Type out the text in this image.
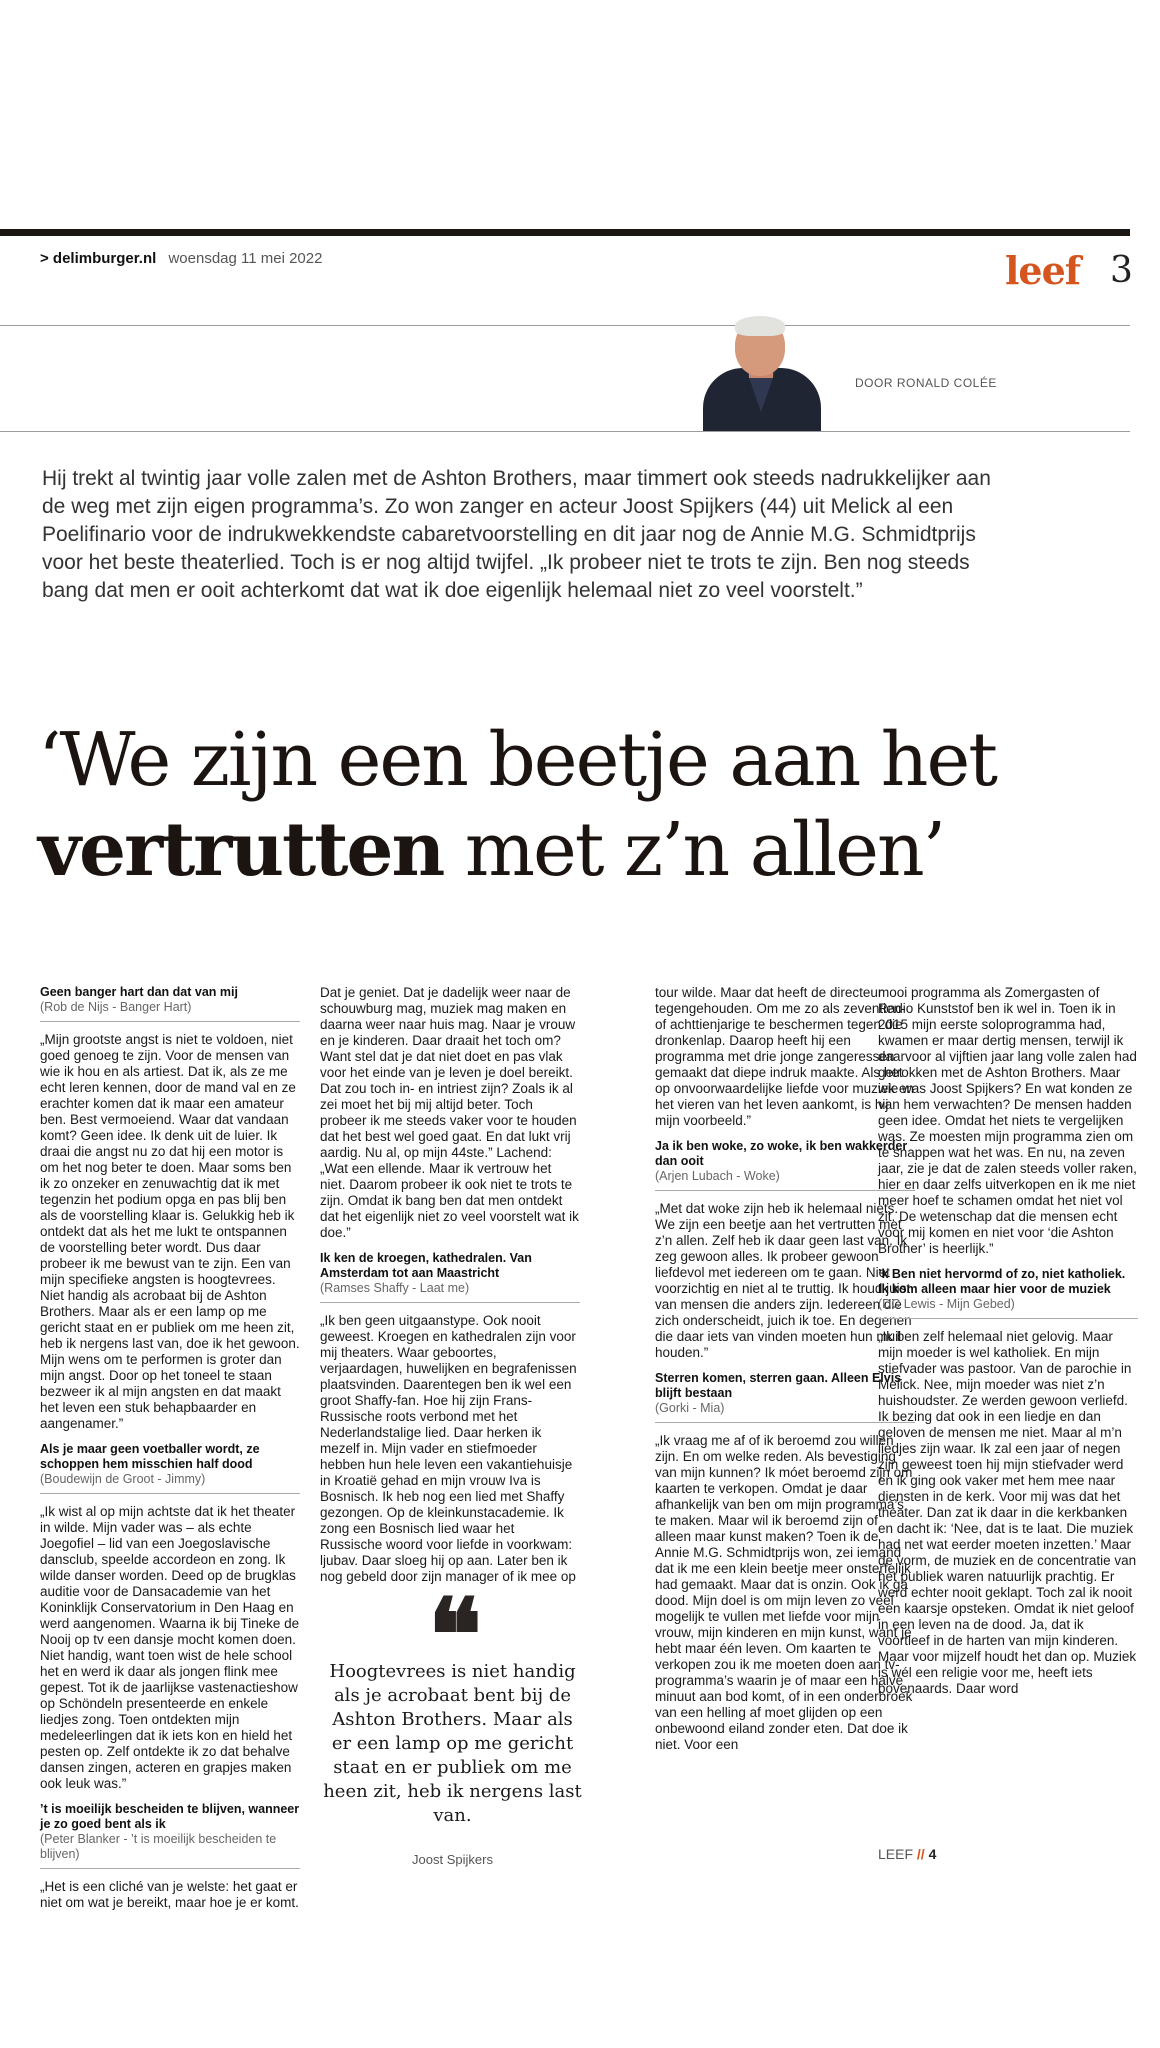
> delimburger.nl woensdag 11 mei 2022	leef 3
DOOR RONALD COLÉE
Hij trekt al twintig jaar volle zalen met de Ashton Brothers, maar timmert ook steeds nadrukkelijker aan de weg met zijn eigen programma’s. Zo won zanger en acteur Joost Spijkers (44) uit Melick al een Poelifinario voor de indrukwekkendste cabaretvoorstelling en dit jaar nog de Annie M.G. Schmidtprijs voor het beste theaterlied. Toch is er nog altijd twijfel. „Ik probeer niet te trots te zijn. Ben nog steeds bang dat men er ooit achterkomt dat wat ik doe eigenlijk helemaal niet zo veel voorstelt.”
‘We zijn een beetje aan het
vertrutten met z’n allen’
Geen banger hart dan dat van mij
(Rob de Nijs - Banger Hart)

„Mijn grootste angst is niet te voldoen, niet goed genoeg te zijn. Voor de mensen van wie ik hou en als artiest. Dat ik, als ze me echt leren kennen, door de mand val en ze erachter komen dat ik maar een amateur ben. Best vermoeiend. Waar dat vandaan komt? Geen idee. Ik denk uit de luier. Ik draai die angst nu zo dat hij een motor is om het nog beter te doen. Maar soms ben ik zo onzeker en zenuwachtig dat ik met tegenzin het podium opga en pas blij ben als de voorstelling klaar is. Gelukkig heb ik ontdekt dat als het me lukt te ontspannen de voorstelling beter wordt. Dus daar probeer ik me bewust van te zijn. Een van mijn specifieke angsten is hoogtevrees. Niet handig als acrobaat bij de Ashton Brothers. Maar als er een lamp op me gericht staat en er publiek om me heen zit, heb ik nergens last van, doe ik het gewoon. Mijn wens om te performen is groter dan mijn angst. Door op het toneel te staan bezweer ik al mijn angsten en dat maakt het leven een stuk behapbaarder en aangenamer.”

Als je maar geen voetballer wordt, ze schoppen hem misschien half dood
(Boudewijn de Groot - Jimmy)

„Ik wist al op mijn achtste dat ik het theater in wilde. Mijn vader was – als echte Joegofiel – lid van een Joegoslavische dansclub, speelde accordeon en zong. Ik wilde danser worden. Deed op de brugklas auditie voor de Dansacademie van het Koninklijk Conservatorium in Den Haag en werd aangenomen. Waarna ik bij Tineke de Nooij op tv een dansje mocht komen doen. Niet handig, want toen wist de hele school het en werd ik daar als jongen flink mee gepest. Tot ik de jaarlijkse vastenactieshow op Schöndeln presenteerde en enkele liedjes zong. Toen ontdekten mijn medeleerlingen dat ik iets kon en hield het pesten op. Zelf ontdekte ik zo dat behalve dansen zingen, acteren en grapjes maken ook leuk was.”

’t is moeilijk bescheiden te blijven, wanneer je zo goed bent als ik
(Peter Blanker - ’t is moeilijk bescheiden te blijven)

„Het is een cliché van je welste: het gaat er niet om wat je bereikt, maar hoe je er komt.

Dat je geniet. Dat je dadelijk weer naar de schouwburg mag, muziek mag maken en daarna weer naar huis mag. Naar je vrouw en je kinderen. Daar draait het toch om? Want stel dat je dat niet doet en pas vlak voor het einde van je leven je doel bereikt. Dat zou toch in- en intriest zijn? Zoals ik al zei moet het bij mij altijd beter. Toch probeer ik me steeds vaker voor te houden dat het best wel goed gaat. En dat lukt vrij aardig. Nu al, op mijn 44ste.” Lachend: „Wat een ellende. Maar ik vertrouw het niet. Daarom probeer ik ook niet te trots te zijn. Omdat ik bang ben dat men ontdekt dat het eigenlijk niet zo veel voorstelt wat ik doe.”

Ik ken de kroegen, kathedralen. Van Amsterdam tot aan Maastricht
(Ramses Shaffy - Laat me)

„Ik ben geen uitgaanstype. Ook nooit geweest. Kroegen en kathedralen zijn voor mij theaters. Waar geboortes, verjaardagen, huwelijken en begrafenissen plaatsvinden. Daarentegen ben ik wel een groot Shaffy-fan. Hoe hij zijn Frans-Russische roots verbond met het Nederlandstalige lied. Daar herken ik mezelf in. Mijn vader en stiefmoeder hebben hun hele leven een vakantiehuisje in Kroatië gehad en mijn vrouw Iva is Bosnisch. Ik heb nog een lied met Shaffy gezongen. Op de kleinkunstacademie. Ik zong een Bosnisch lied waar het Russische woord voor liefde in voorkwam: ljubav. Daar sloeg hij op aan. Later ben ik nog gebeld door zijn manager of ik mee op

❝
Hoogtevrees is niet handig als je acrobaat bent bij de Ashton Brothers. Maar als er een lamp op me gericht staat en er publiek om me heen zit, heb ik nergens last van.
Joost Spijkers

tour wilde. Maar dat heeft de directeur tegengehouden. Om me zo als zeventien- of achttienjarige te beschermen tegen die dronkenlap. Daarop heeft hij een programma met drie jonge zangeressen gemaakt dat diepe indruk maakte. Als het op onvoorwaardelijke liefde voor muziek en het vieren van het leven aankomt, is hij mijn voorbeeld.”

Ja ik ben woke, zo woke, ik ben wakkerder dan ooit
(Arjen Lubach - Woke)

„Met dat woke zijn heb ik helemaal niets. We zijn een beetje aan het vertrutten met z’n allen. Zelf heb ik daar geen last van. Ik zeg gewoon alles. Ik probeer gewoon liefdevol met iedereen om te gaan. Niet voorzichtig en niet al te truttig. Ik houd juist van mensen die anders zijn. Iedereen die zich onderscheidt, juich ik toe. En degenen die daar iets van vinden moeten hun muil houden.”

Sterren komen, sterren gaan. Alleen Elvis blijft bestaan
(Gorki - Mia)

„Ik vraag me af of ik beroemd zou willen zijn. En om welke reden. Als bevestiging van mijn kunnen? Ik móet beroemd zijn om kaarten te verkopen. Omdat je daar afhankelijk van ben om mijn programma’s te maken. Maar wil ik beroemd zijn of alleen maar kunst maken? Toen ik de Annie M.G. Schmidtprijs won, zei iemand dat ik me een klein beetje meer onsterfelijk had gemaakt. Maar dat is onzin. Ook ik ga dood. Mijn doel is om mijn leven zo veel mogelijk te vullen met liefde voor mijn vrouw, mijn kinderen en mijn kunst, want je hebt maar één leven. Om kaarten te verkopen zou ik me moeten doen aan tv-programma’s waarin je of maar een halve minuut aan bod komt, of in een onderbroek van een helling af moet glijden op een onbewoond eiland zonder eten. Dat doe ik niet. Voor een

mooi programma als Zomergasten of Radio Kunststof ben ik wel in. Toen ik in 2015 mijn eerste soloprogramma had, kwamen er maar dertig mensen, terwijl ik daarvoor al vijftien jaar lang volle zalen had getrokken met de Ashton Brothers. Maar wie was Joost Spijkers? En wat konden ze van hem verwachten? De mensen hadden geen idee. Omdat het niets te vergelijken was. Ze moesten mijn programma zien om te snappen wat het was. En nu, na zeven jaar, zie je dat de zalen steeds voller raken, hier en daar zelfs uitverkopen en ik me niet meer hoef te schamen omdat het niet vol zit. De wetenschap dat die mensen echt voor mij komen en niet voor ‘die Ashton Brother’ is heerlijk.”

’k Ben niet hervormd of zo, niet katholiek. Ik kom alleen maar hier voor de muziek
(DC Lewis - Mijn Gebed)

„Ik ben zelf helemaal niet gelovig. Maar mijn moeder is wel katholiek. En mijn stiefvader was pastoor. Van de parochie in Melick. Nee, mijn moeder was niet z’n huishoudster. Ze werden gewoon verliefd. Ik bezing dat ook in een liedje en dan geloven de mensen me niet. Maar al m’n liedjes zijn waar. Ik zal een jaar of negen zijn geweest toen hij mijn stiefvader werd en ik ging ook vaker met hem mee naar diensten in de kerk. Voor mij was dat het theater. Dan zat ik daar in die kerkbanken en dacht ik: ‘Nee, dat is te laat. Die muziek had net wat eerder moeten inzetten.’ Maar de vorm, de muziek en de concentratie van het publiek waren natuurlijk prachtig. Er werd echter nooit geklapt. Toch zal ik nooit een kaarsje opsteken. Omdat ik niet geloof in een leven na de dood. Ja, dat ik voortleef in de harten van mijn kinderen. Maar voor mijzelf houdt het dan op. Muziek is wél een religie voor me, heeft iets bovenaards. Daar word

LEEF // 4
